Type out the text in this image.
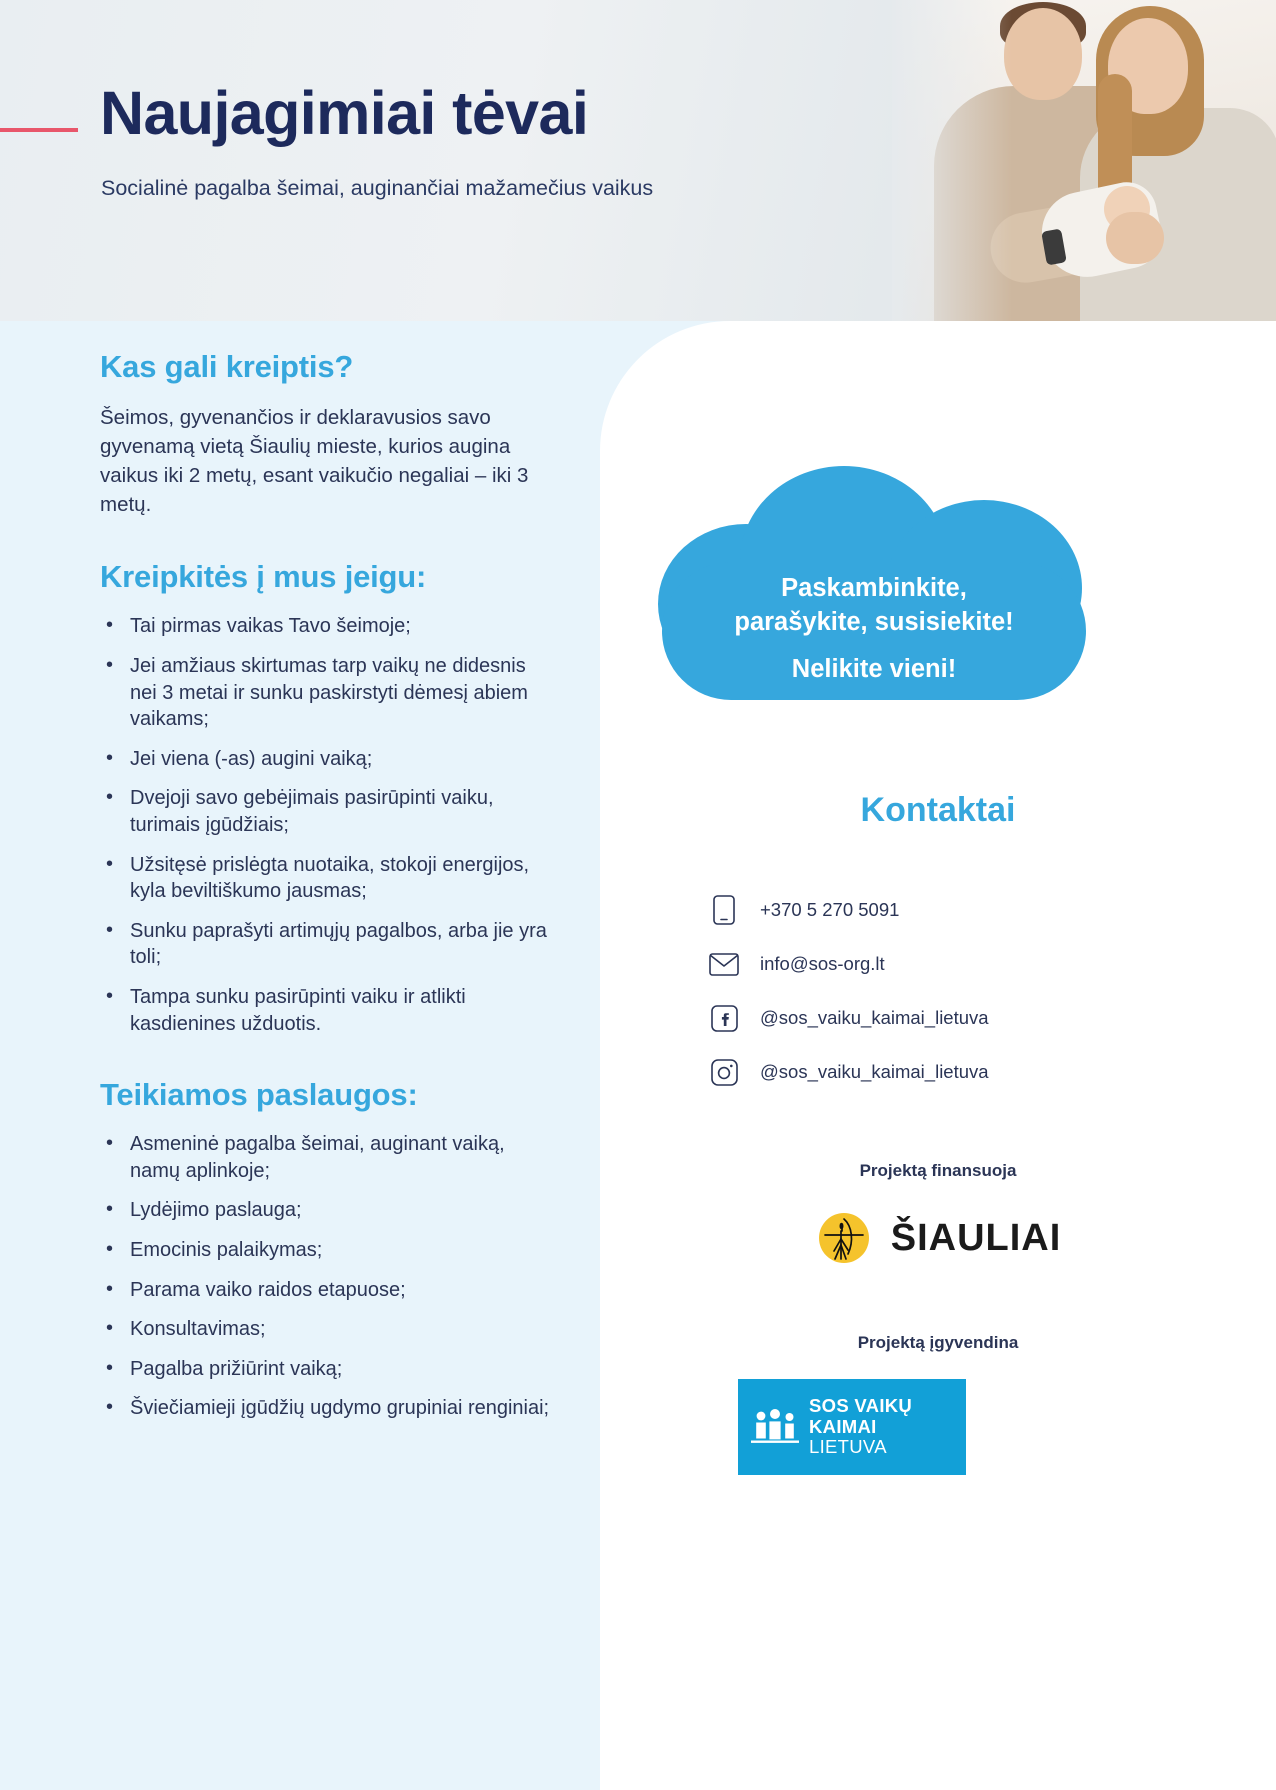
Naujagimiai tėvai
Socialinė pagalba šeimai, auginančiai mažamečius vaikus
Paskambinkite,
parašykite, susisiekite!
Nelikite vieni!
Kontaktai
+370 5 270 5091
info@sos-org.lt
@sos_vaiku_kaimai_lietuva
@sos_vaiku_kaimai_lietuva
Projektą finansuoja
ŠIAULIAI
Projektą įgyvendina
SOS VAIKŲ
KAIMAI
LIETUVA
Kas gali kreiptis?
Šeimos, gyvenančios ir deklaravusios savo gyvenamą vietą Šiaulių mieste, kurios augina vaikus iki 2 metų, esant vaikučio negaliai – iki 3 metų.
Kreipkitės į mus jeigu:
• Tai pirmas vaikas Tavo šeimoje;
• Jei amžiaus skirtumas tarp vaikų ne didesnis nei 3 metai ir sunku paskirstyti dėmesį abiem vaikams;
• Jei viena (-as) augini vaiką;
• Dvejoji savo gebėjimais pasirūpinti vaiku, turimais įgūdžiais;
• Užsitęsė prislėgta nuotaika, stokoji energijos, kyla beviltiškumo jausmas;
• Sunku paprašyti artimųjų pagalbos, arba jie yra toli;
• Tampa sunku pasirūpinti vaiku ir atlikti kasdienines užduotis.
Teikiamos paslaugos:
• Asmeninė pagalba šeimai, auginant vaiką, namų aplinkoje;
• Lydėjimo paslauga;
• Emocinis palaikymas;
• Parama vaiko raidos etapuose;
• Konsultavimas;
• Pagalba prižiūrint vaiką;
• Šviečiamieji įgūdžių ugdymo grupiniai renginiai;
